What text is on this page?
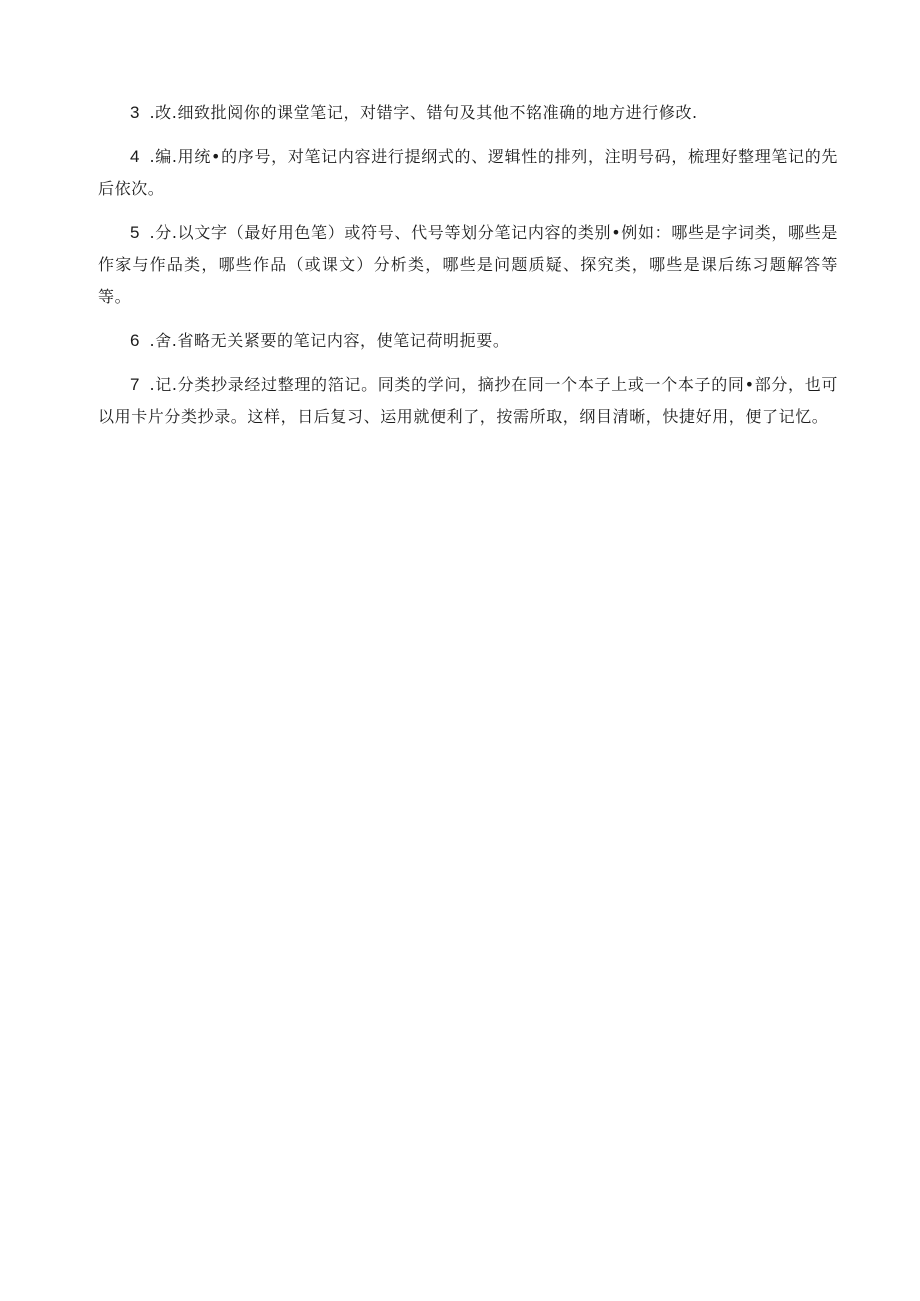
3 .改.细致批阅你的课堂笔记，对错字、错句及其他不铭准确的地方进行修改.

4 .编.用统•的序号，对笔记内容进行提纲式的、逻辑性的排列，注明号码，梳理好整理笔记的先后依次。

5 .分.以文字（最好用色笔）或符号、代号等划分笔记内容的类别•例如：哪些是字词类，哪些是作家与作品类，哪些作品（或课文）分析类，哪些是问题质疑、探究类，哪些是课后练习题解答等等。

6 .舍.省略无关紧要的笔记内容，使笔记荷明扼要。

7 .记.分类抄录经过整理的箔记。同类的学问，摘抄在同一个本子上或一个本子的同•部分，也可以用卡片分类抄录。这样，日后复习、运用就便利了，按需所取，纲目清晰，快捷好用，便了记忆。
